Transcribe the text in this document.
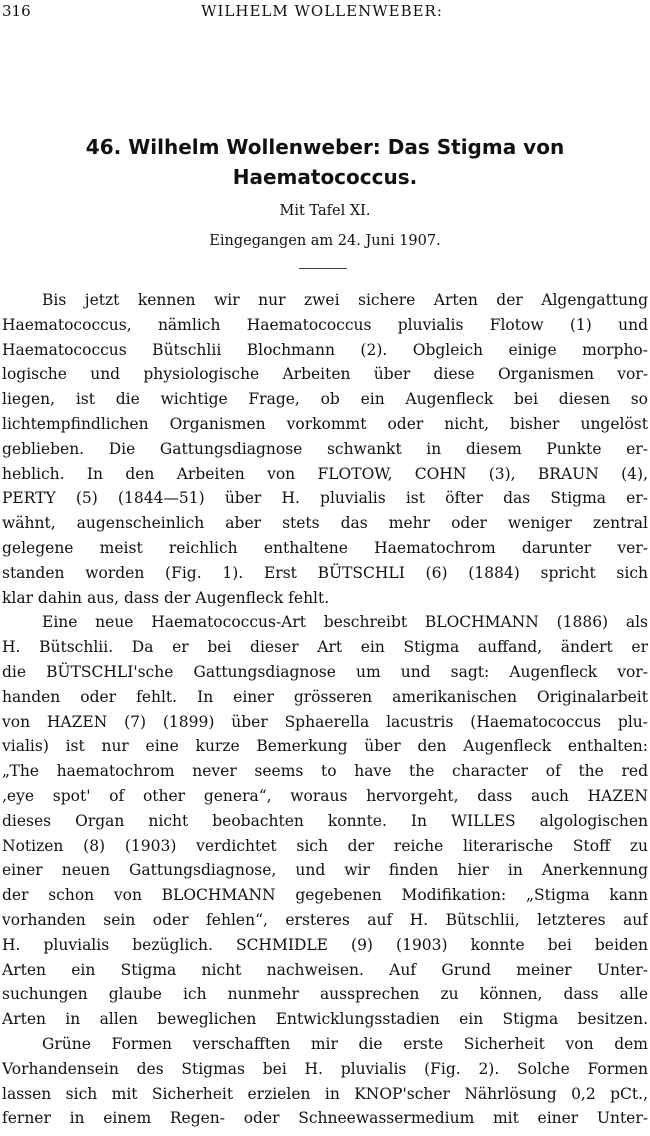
316	WILHELM WOLLENWEBER:
46. Wilhelm Wollenweber: Das Stigma von
Haematococcus.
Mit Tafel XI.
Eingegangen am 24. Juni 1907.
Bis jetzt kennen wir nur zwei sichere Arten der Algengattung
Haematococcus, nämlich Haematococcus pluvialis Flotow (1) und
Haematococcus Bütschlii Blochmann (2). Obgleich einige morpho-
logische und physiologische Arbeiten über diese Organismen vor-
liegen, ist die wichtige Frage, ob ein Augenfleck bei diesen so
lichtempfindlichen Organismen vorkommt oder nicht, bisher ungelöst
geblieben. Die Gattungsdiagnose schwankt in diesem Punkte er-
heblich. In den Arbeiten von FLOTOW, COHN (3), BRAUN (4),
PERTY (5) (1844—51) über H. pluvialis ist öfter das Stigma er-
wähnt, augenscheinlich aber stets das mehr oder weniger zentral
gelegene meist reichlich enthaltene Haematochrom darunter ver-
standen worden (Fig. 1). Erst BÜTSCHLI (6) (1884) spricht sich
klar dahin aus, dass der Augenfleck fehlt.
Eine neue Haematococcus-Art beschreibt BLOCHMANN (1886) als
H. Bütschlii. Da er bei dieser Art ein Stigma auffand, ändert er
die BÜTSCHLI'sche Gattungsdiagnose um und sagt: Augenfleck vor-
handen oder fehlt. In einer grösseren amerikanischen Originalarbeit
von HAZEN (7) (1899) über Sphaerella lacustris (Haematococcus plu-
vialis) ist nur eine kurze Bemerkung über den Augenfleck enthalten:
„The haematochrom never seems to have the character of the red
‚eye spot' of other genera“, woraus hervorgeht, dass auch HAZEN
dieses Organ nicht beobachten konnte. In WILLES algologischen
Notizen (8) (1903) verdichtet sich der reiche literarische Stoff zu
einer neuen Gattungsdiagnose, und wir finden hier in Anerkennung
der schon von BLOCHMANN gegebenen Modifikation: „Stigma kann
vorhanden sein oder fehlen“, ersteres auf H. Bütschlii, letzteres auf
H. pluvialis bezüglich. SCHMIDLE (9) (1903) konnte bei beiden
Arten ein Stigma nicht nachweisen. Auf Grund meiner Unter-
suchungen glaube ich nunmehr aussprechen zu können, dass alle
Arten in allen beweglichen Entwicklungsstadien ein Stigma besitzen.
Grüne Formen verschafften mir die erste Sicherheit von dem
Vorhandensein des Stigmas bei H. pluvialis (Fig. 2). Solche Formen
lassen sich mit Sicherheit erzielen in KNOP'scher Nährlösung 0,2 pCt.,
ferner in einem Regen- oder Schneewassermedium mit einer Unter-
